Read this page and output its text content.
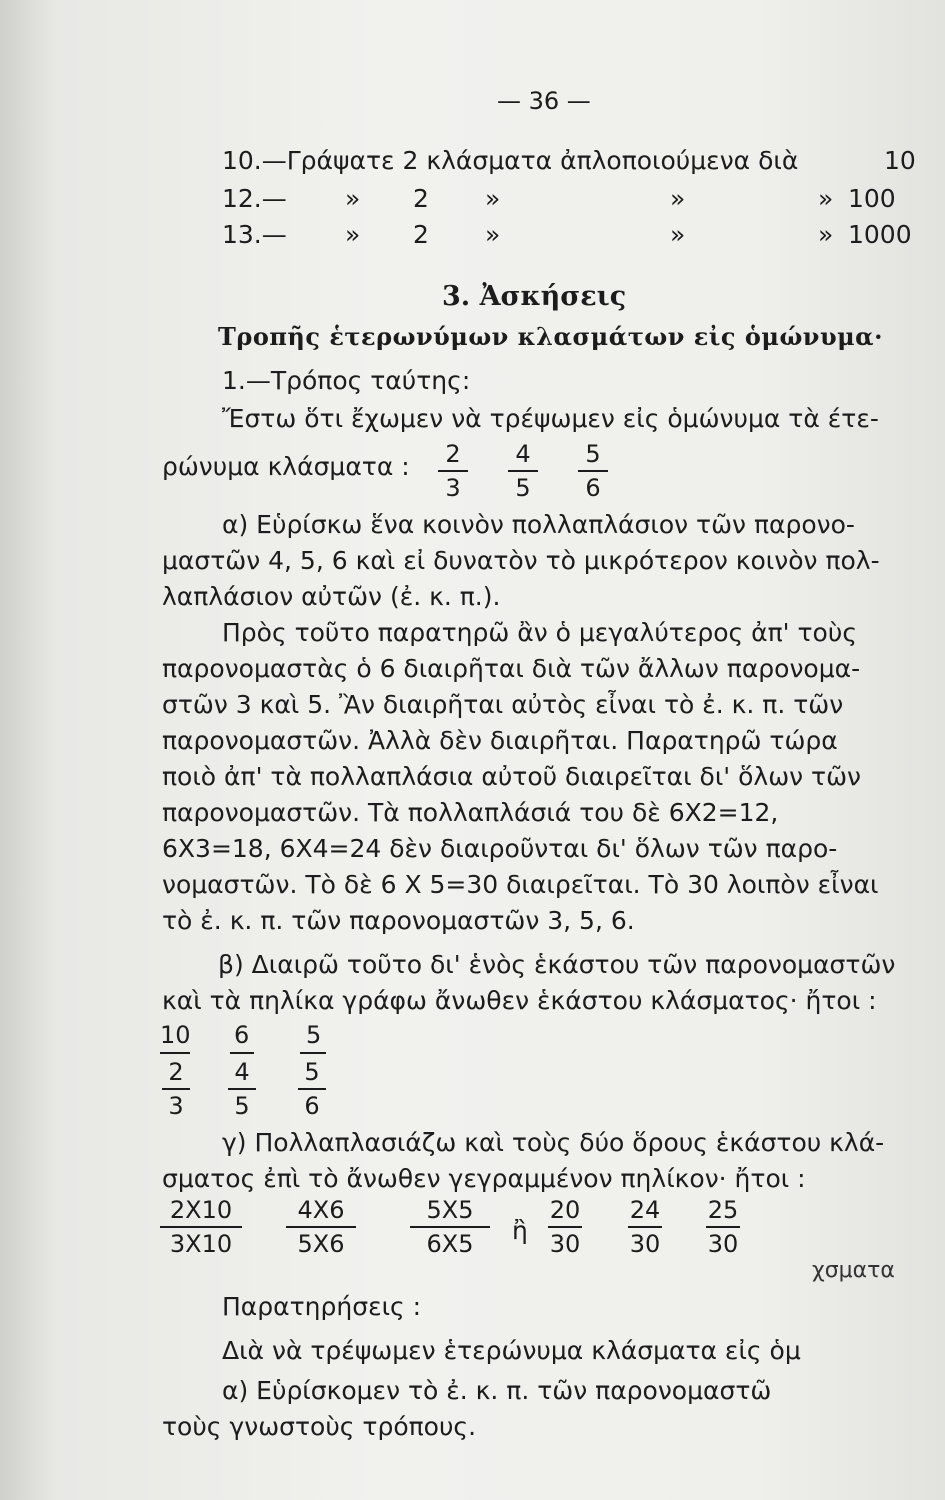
— 36 —
10.—Γράψατε 2 κλάσματα ἀπλοποιούμενα διὰ	10
12.— » 2 »	»	» 100
13.— » 2 »	»	» 1000
3. Ἀσκήσεις
Τροπῆς ἑτερωνύμων κλασμάτων εἰς ὁμώνυμα·
1.—Τρόπος ταύτης:
Ἔστω ὅτι ἔχωμεν νὰ τρέψωμεν εἰς ὁμώνυμα τὰ έτε-
ρώνυμα κλάσματα : 2
3
4
5
5
6
α) Εὑρίσκω ἕνα κοινὸν πολλαπλάσιον τῶν παρονο-
μαστῶν 4, 5, 6 καὶ εἰ δυνατὸν τὸ μικρότερον κοινὸν πολ-
λαπλάσιον αὐτῶν (ἐ. κ. π.).
Πρὸς τοῦτο παρατηρῶ ἂν ὁ μεγαλύτερος ἀπ' τοὺς
παρονομαστὰς ὁ 6 διαιρῆται διὰ τῶν ἄλλων παρονομα-
στῶν 3 καὶ 5. Ἂν διαιρῆται αὐτὸς εἶναι τὸ ἐ. κ. π. τῶν
παρονομαστῶν. Ἀλλὰ δὲν διαιρῆται. Παρατηρῶ τώρα
ποιὸ ἀπ' τὰ πολλαπλάσια αὐτοῦ διαιρεῖται δι' ὅλων τῶν
παρονομαστῶν. Τὰ πολλαπλάσιά του δὲ 6X2=12,
6X3=18, 6X4=24 δὲν διαιροῦνται δι' ὅλων τῶν παρο-
νομαστῶν. Τὸ δὲ 6 X 5=30 διαιρεῖται. Τὸ 30 λοιπὸν εἶναι
τὸ ἐ. κ. π. τῶν παρονομαστῶν 3, 5, 6.
β) Διαιρῶ τοῦτο δι' ἑνὸς ἑκάστου τῶν παρονομαστῶν
καὶ τὰ πηλίκα γράφω ἄνωθεν ἑκάστου κλάσματος· ἤτοι :
10 6 5
2
3
4
5
5
6
γ) Πολλαπλασιάζω καὶ τοὺς δύο ὅρους ἑκάστου κλά-
σματος ἐπὶ τὸ ἄνωθεν γεγραμμένον πηλίκον· ἤτοι :
2X10
3X10
4X6
5X6
5X5
6X5 ἢ
20
30
24
30
25
30
χσματα
Παρατηρήσεις :
Διὰ νὰ τρέψωμεν ἑτερώνυμα κλάσματα εἰς ὁμ
α) Εὑρίσκομεν τὸ ἐ. κ. π. τῶν παρονομαστῶ
τοὺς γνωστοὺς τρόπους.
